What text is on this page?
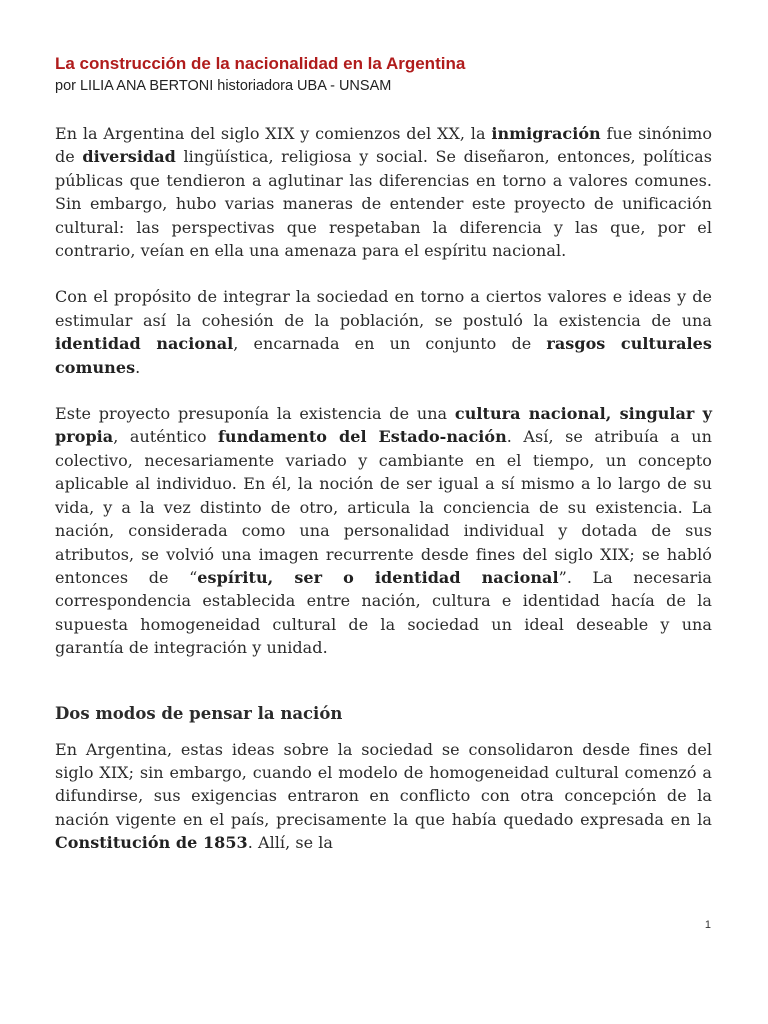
La construcción de la nacionalidad en la Argentina
por LILIA ANA BERTONI historiadora UBA - UNSAM

En la Argentina del siglo XIX y comienzos del XX, la inmigración fue sinónimo de diversidad lingüística, religiosa y social. Se diseñaron, entonces, políticas públicas que tendieron a aglutinar las diferencias en torno a valores comunes. Sin embargo, hubo varias maneras de entender este proyecto de unificación cultural: las perspectivas que respetaban la diferencia y las que, por el contrario, veían en ella una amenaza para el espíritu nacional.

Con el propósito de integrar la sociedad en torno a ciertos valores e ideas y de estimular así la cohesión de la población, se postuló la existencia de una identidad nacional, encarnada en un conjunto de rasgos culturales comunes.

Este proyecto presuponía la existencia de una cultura nacional, singular y propia, auténtico fundamento del Estado-nación. Así, se atribuía a un colectivo, necesariamente variado y cambiante en el tiempo, un concepto aplicable al individuo. En él, la noción de ser igual a sí mismo a lo largo de su vida, y a la vez distinto de otro, articula la conciencia de su existencia. La nación, considerada como una personalidad individual y dotada de sus atributos, se volvió una imagen recurrente desde fines del siglo XIX; se habló entonces de “espíritu, ser o identidad nacional”. La necesaria correspondencia establecida entre nación, cultura e identidad hacía de la supuesta homogeneidad cultural de la sociedad un ideal deseable y una garantía de integración y unidad.

Dos modos de pensar la nación

En Argentina, estas ideas sobre la sociedad se consolidaron desde fines del siglo XIX; sin embargo, cuando el modelo de homogeneidad cultural comenzó a difundirse, sus exigencias entraron en conflicto con otra concepción de la nación vigente en el país, precisamente la que había quedado expresada en la Constitución de 1853. Allí, se la

1
